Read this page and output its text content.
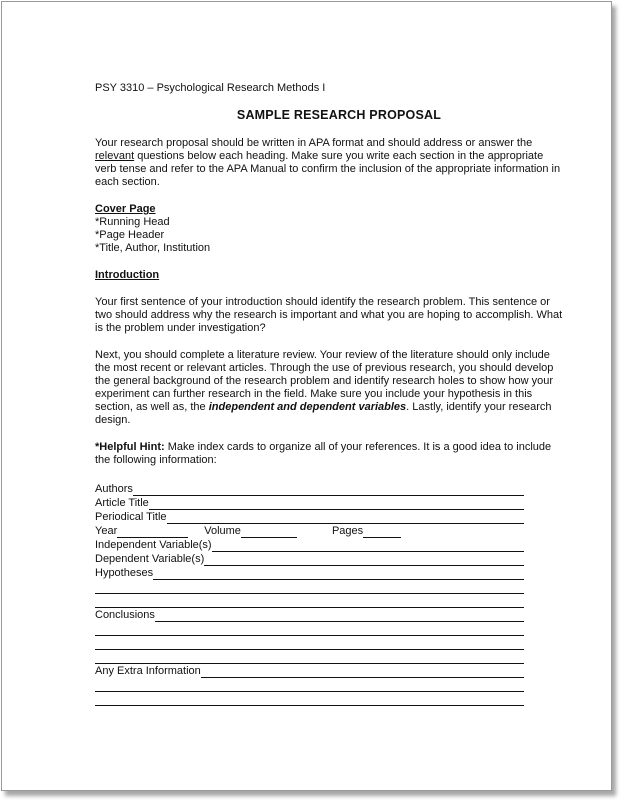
PSY 3310 – Psychological Research Methods I

SAMPLE RESEARCH PROPOSAL

Your research proposal should be written in APA format and should address or answer the relevant questions below each heading. Make sure you write each section in the appropriate verb tense and refer to the APA Manual to confirm the inclusion of the appropriate information in each section.

Cover Page

*Running Head

*Page Header

*Title, Author, Institution

Introduction

Your first sentence of your introduction should identify the research problem. This sentence or two should address why the research is important and what you are hoping to accomplish. What is the problem under investigation?

Next, you should complete a literature review. Your review of the literature should only include the most recent or relevant articles. Through the use of previous research, you should develop the general background of the research problem and identify research holes to show how your experiment can further research in the field. Make sure you include your hypothesis in this section, as well as, the independent and dependent variables. Lastly, identify your research design.

*Helpful Hint: Make index cards to organize all of your references. It is a good idea to include the following information:

Authors
Article Title
Periodical Title
Year	Volume	Pages
Independent Variable(s)
Dependent Variable(s)
Hypotheses
Conclusions
Any Extra Information
